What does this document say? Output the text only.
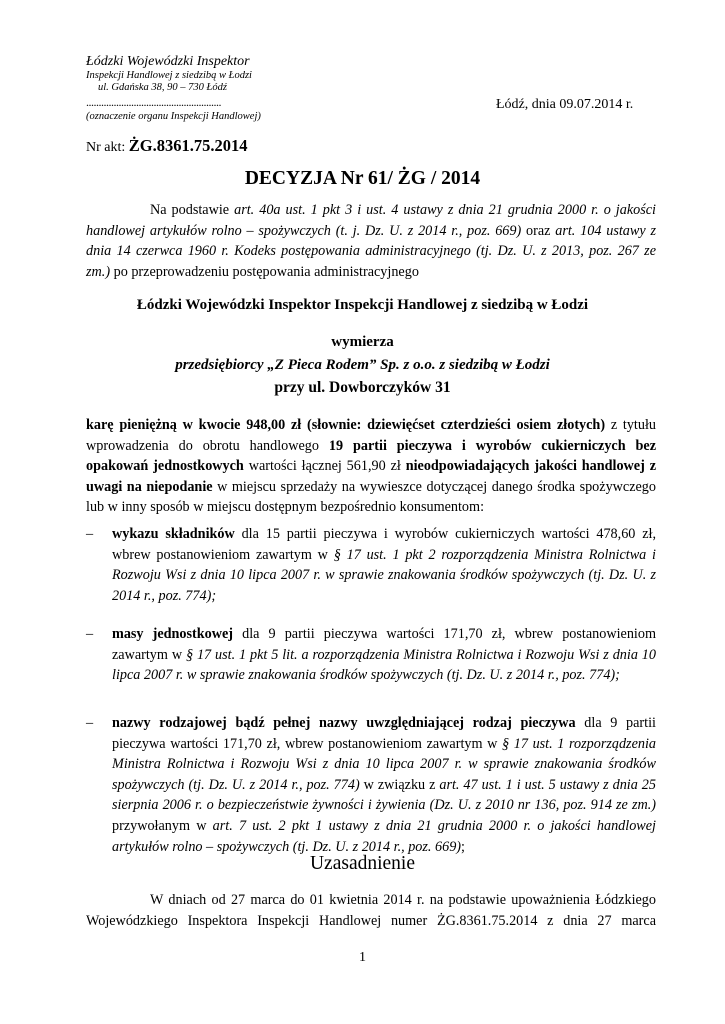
Łódzki Wojewódzki Inspektor
Inspekcji Handlowej z siedzibą w Łodzi
ul. Gdańska 38, 90 – 730 Łódź
......................................................
(oznaczenie organu Inspekcji Handlowej)
Łódź, dnia 09.07.2014 r.
Nr akt: ŻG.8361.75.2014
DECYZJA Nr 61/ ŻG / 2014
Na podstawie art. 40a ust. 1 pkt 3 i ust. 4 ustawy z dnia 21 grudnia 2000 r. o jakości handlowej artykułów rolno – spożywczych (t. j. Dz. U. z 2014 r., poz. 669) oraz art. 104 ustawy z dnia 14 czerwca 1960 r. Kodeks postępowania administracyjnego (tj. Dz. U. z 2013, poz. 267 ze zm.) po przeprowadzeniu postępowania administracyjnego
Łódzki Wojewódzki Inspektor Inspekcji Handlowej z siedzibą w Łodzi
wymierza
przedsiębiorcy „Z Pieca Rodem” Sp. z o.o. z siedzibą w Łodzi
przy ul. Dowborczyków 31
karę pieniężną w kwocie 948,00 zł (słownie: dziewięćset czterdzieści osiem złotych) z tytułu wprowadzenia do obrotu handlowego 19 partii pieczywa i wyrobów cukierniczych bez opakowań jednostkowych wartości łącznej 561,90 zł nieodpowiadających jakości handlowej z uwagi na niepodanie w miejscu sprzedaży na wywieszce dotyczącej danego środka spożywczego lub w inny sposób w miejscu dostępnym bezpośrednio konsumentom:
– wykazu składników dla 15 partii pieczywa i wyrobów cukierniczych wartości 478,60 zł, wbrew postanowieniom zawartym w § 17 ust. 1 pkt 2 rozporządzenia Ministra Rolnictwa i Rozwoju Wsi z dnia 10 lipca 2007 r. w sprawie znakowania środków spożywczych (tj. Dz. U. z 2014 r., poz. 774);
– masy jednostkowej dla 9 partii pieczywa wartości 171,70 zł, wbrew postanowieniom zawartym w § 17 ust. 1 pkt 5 lit. a rozporządzenia Ministra Rolnictwa i Rozwoju Wsi z dnia 10 lipca 2007 r. w sprawie znakowania środków spożywczych (tj. Dz. U. z 2014 r., poz. 774);
– nazwy rodzajowej bądź pełnej nazwy uwzględniającej rodzaj pieczywa dla 9 partii pieczywa wartości 171,70 zł, wbrew postanowieniom zawartym w § 17 ust. 1 rozporządzenia Ministra Rolnictwa i Rozwoju Wsi z dnia 10 lipca 2007 r. w sprawie znakowania środków spożywczych (tj. Dz. U. z 2014 r., poz. 774) w związku z art. 47 ust. 1 i ust. 5 ustawy z dnia 25 sierpnia 2006 r. o bezpieczeństwie żywności i żywienia (Dz. U. z 2010 nr 136, poz. 914 ze zm.) przywołanym w art. 7 ust. 2 pkt 1 ustawy z dnia 21 grudnia 2000 r. o jakości handlowej artykułów rolno – spożywczych (tj. Dz. U. z 2014 r., poz. 669);
Uzasadnienie
W dniach od 27 marca do 01 kwietnia 2014 r. na podstawie upoważnienia Łódzkiego Wojewódzkiego Inspektora Inspekcji Handlowej numer ŻG.8361.75.2014 z dnia 27 marca
1
